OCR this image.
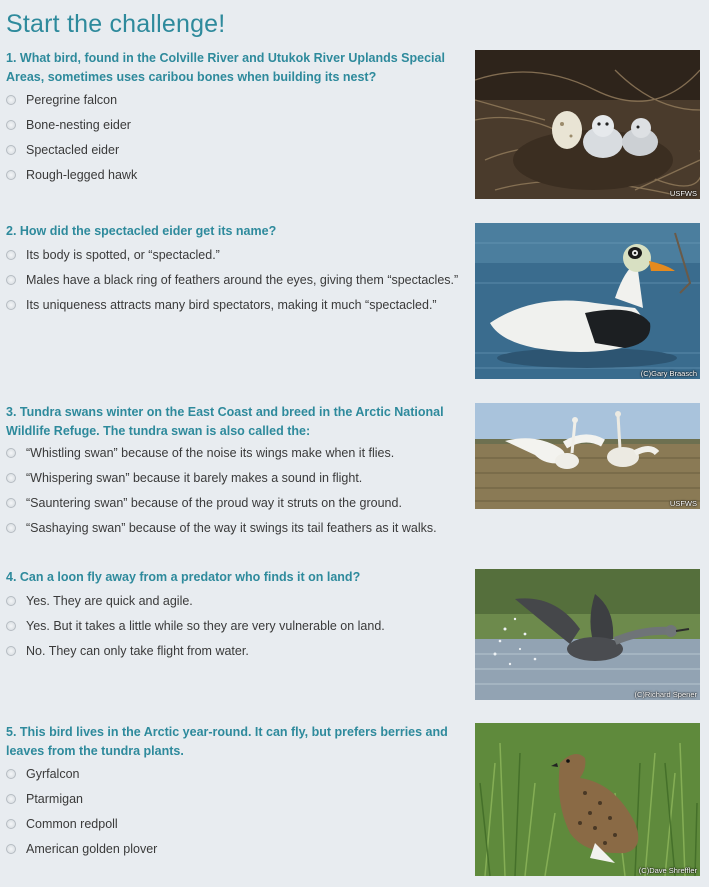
Start the challenge!
1. What bird, found in the Colville River and Utukok River Uplands Special Areas, sometimes uses caribou bones when building its nest?
Peregrine falcon
Bone-nesting eider
Spectacled eider
Rough-legged hawk
USFWS
2. How did the spectacled eider get its name?
Its body is spotted, or “spectacled.”
Males have a black ring of feathers around the eyes, giving them “spectacles.”
Its uniqueness attracts many bird spectators, making it much “spectacled.”
(C)Gary Braasch
3. Tundra swans winter on the East Coast and breed in the Arctic National Wildlife Refuge. The tundra swan is also called the:
“Whistling swan” because of the noise its wings make when it flies.
“Whispering swan” because it barely makes a sound in flight.
“Sauntering swan” because of the proud way it struts on the ground.
“Sashaying swan” because of the way it swings its tail feathers as it walks.
USFWS
4. Can a loon fly away from a predator who finds it on land?
Yes. They are quick and agile.
Yes. But it takes a little while so they are very vulnerable on land.
No. They can only take flight from water.
(C)Richard Spener
5. This bird lives in the Arctic year-round. It can fly, but prefers berries and leaves from the tundra plants.
Gyrfalcon
Ptarmigan
Common redpoll
American golden plover
(C)Dave Shreffler
